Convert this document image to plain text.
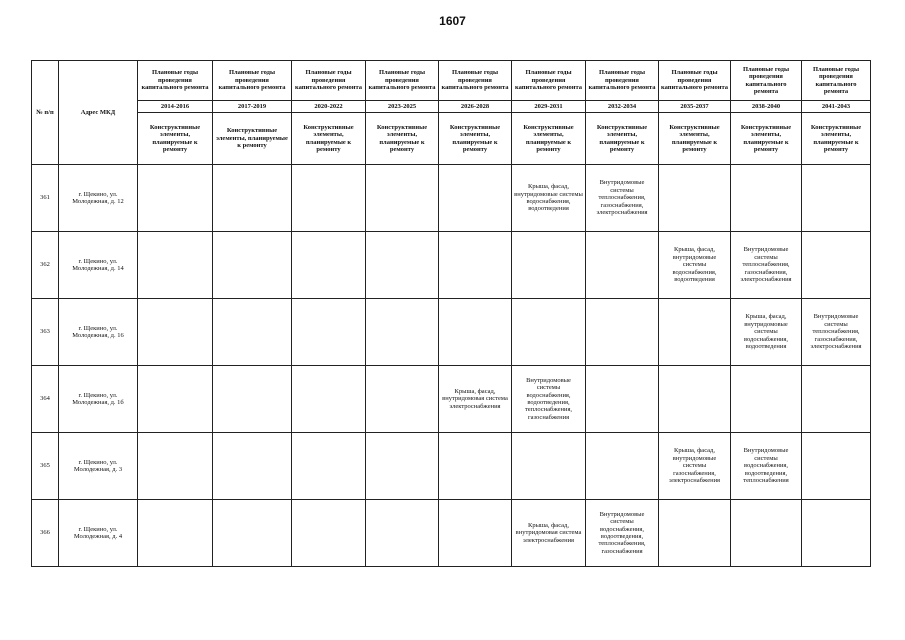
1607
№ п/п	Адрес МКД	Плановые годы проведения капитального ремонта	Плановые годы проведения капитального ремонта	Плановые годы проведения капитального ремонта	Плановые годы проведения капитального ремонта	Плановые годы проведения капитального ремонта	Плановые годы проведения капитального ремонта	Плановые годы проведения капитального ремонта	Плановые годы проведения капитального ремонта	Плановые годы проведения капитального ремонта	Плановые годы проведения капитального ремонта
		2014-2016	2017-2019	2020-2022	2023-2025	2026-2028	2029-2031	2032-2034	2035-2037	2038-2040	2041-2043
		Конструктивные элементы, планируемые к ремонту	Конструктивные элементы, планируемые к ремонту	Конструктивные элементы, планируемые к ремонту	Конструктивные элементы, планируемые к ремонту	Конструктивные элементы, планируемые к ремонту	Конструктивные элементы, планируемые к ремонту	Конструктивные элементы, планируемые к ремонту	Конструктивные элементы, планируемые к ремонту	Конструктивные элементы, планируемые к ремонту	Конструктивные элементы, планируемые к ремонту
361	г. Щекино, ул. Молодежная, д. 12						Крыша, фасад, внутридомовые системы водоснабжения, водоотведения	Внутридомовые системы теплоснабжения, газоснабжения, электроснабжения			
362	г. Щекино, ул. Молодежная, д. 14								Крыша, фасад, внутридомовые системы водоснабжения, водоотведения	Внутридомовые системы теплоснабжения, газоснабжения, электроснабжения	
363	г. Щекино, ул. Молодежная, д. 16									Крыша, фасад, внутридомовые системы водоснабжения, водоотведения	Внутридомовые системы теплоснабжения, газоснабжения, электроснабжения
364	г. Щекино, ул. Молодежная, д. 1б					Крыша, фасад, внутридомовая система электроснабжения	Внутридомовые системы водоснабжения, водоотведения, теплоснабжения, газоснабжения				
365	г. Щекино, ул. Молодежная, д. 3								Крыша, фасад, внутридомовые системы газоснабжения, электроснабжения	Внутридомовые системы водоснабжения, водоотведения, теплоснабжения	
366	г. Щекино, ул. Молодежная, д. 4						Крыша, фасад, внутридомовая система электроснабжения	Внутридомовые системы водоснабжения, водоотведения, теплоснабжения, газоснабжения			
